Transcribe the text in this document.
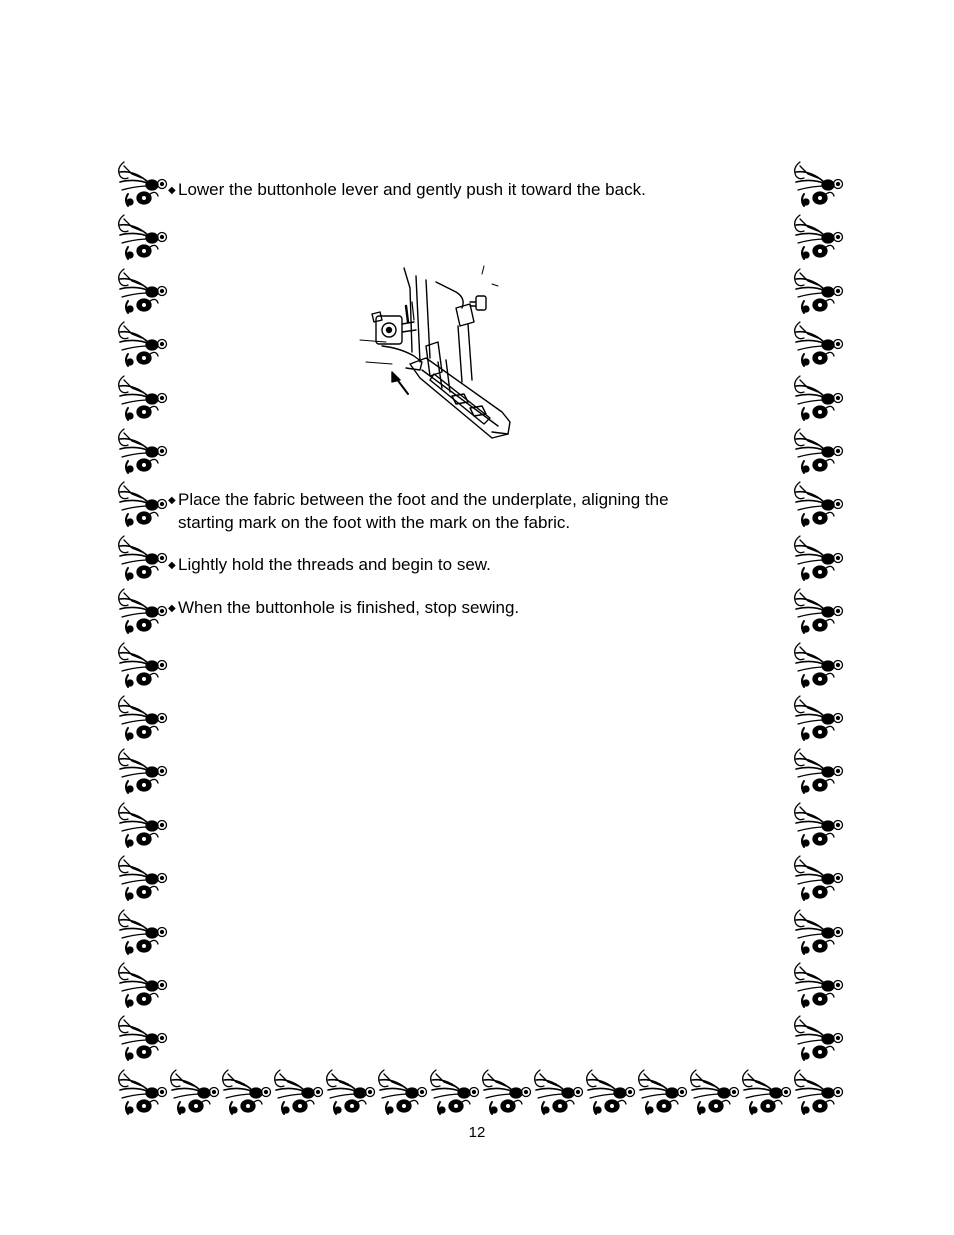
◆ Lower the buttonhole lever and gently push it toward the back.
◆ Place the fabric between the foot and the underplate, aligning the
starting mark on the foot with the mark on the fabric.
◆ Lightly hold the threads and begin to sew.
◆ When the buttonhole is finished, stop sewing.
12
